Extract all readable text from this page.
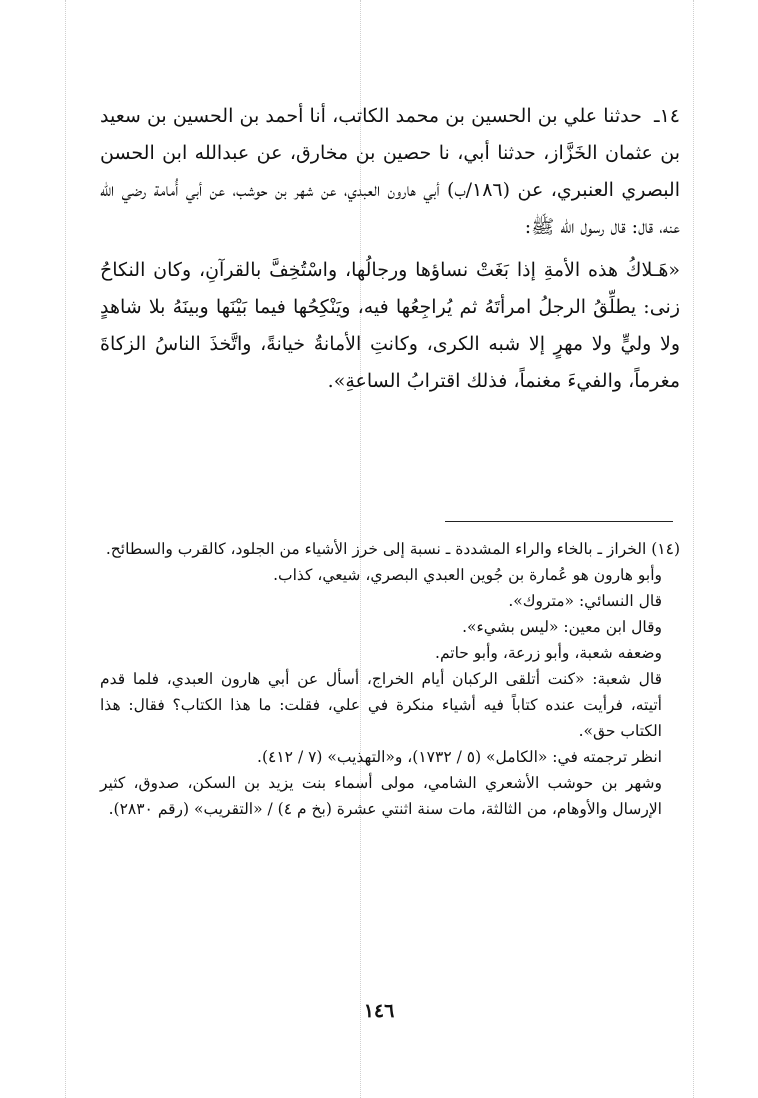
١٤ـ حدثنا علي بن الحسين بن محمد الكاتب، أنا أحمد بن الحسين بن سعيد بن عثمان الخَزَّاز، حدثنا أبي، نا حصين بن مخارق، عن عبدالله ابن الحسن البصري العنبري، عن (١٨٦/ب) أبي هارون العبدي، عن شهر بن حوشب، عن أبي أُمامة رضي الله عنه، قال: قال رسول الله ﷺ:

«هَـلاكُ هذه الأمةِ إذا بَغَتْ نساؤها ورجالُها، واسْتُخِفَّ بالقرآنِ، وكان النكاحُ زنى: يطلِّقُ الرجلُ امرأتَهُ ثم يُراجِعُها فيه، ويَنْكِحُها فيما بَيْنَها وبينَهُ بلا شاهدٍ ولا وليٍّ ولا مهرٍ إلا شبه الكرى، وكانتِ الأمانةُ خيانةً، واتَّخذَ الناسُ الزكاةَ مغرماً، والفيءَ مغنماً، فذلك اقترابُ الساعةِ».

(١٤) الخراز ـ بالخاء والراء المشددة ـ نسبة إلى خرز الأشياء من الجلود، كالقرب والسطائح.

وأبو هارون هو عُمارة بن جُوين العبدي البصري، شيعي، كذاب.

قال النسائي: «متروك».

وقال ابن معين: «ليس بشيء».

وضعفه شعبة، وأبو زرعة، وأبو حاتم.

قال شعبة: «كنت أتلقى الركبان أيام الخراج، أسأل عن أبي هارون العبدي، فلما قدم أتيته، فرأيت عنده كتاباً فيه أشياء منكرة في علي، فقلت: ما هذا الكتاب؟ فقال: هذا الكتاب حق».

انظر ترجمته في: «الكامل» (٥ / ١٧٣٢)، و«التهذيب» (٧ / ٤١٢).

وشهر بن حوشب الأشعري الشامي، مولى أسماء بنت يزيد بن السكن، صدوق، كثير الإرسال والأوهام، من الثالثة، مات سنة اثنتي عشرة (بخ م ٤) / «التقريب» (رقم ٢٨٣٠).

١٤٦
